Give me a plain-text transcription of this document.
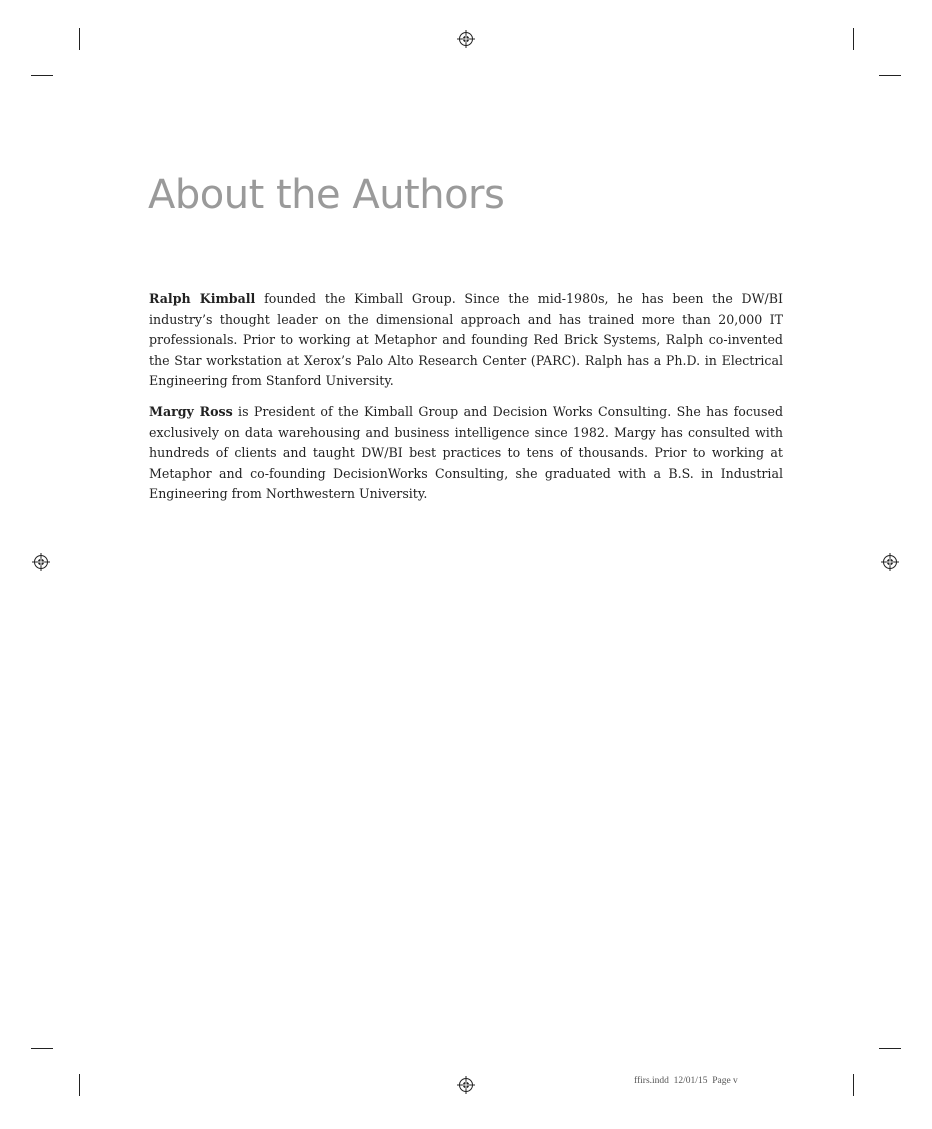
About the Authors

Ralph Kimball founded the Kimball Group. Since the mid-1980s, he has been the DW/BI industry’s thought leader on the dimensional approach and has trained more than 20,000 IT professionals. Prior to working at Metaphor and founding Red Brick Systems, Ralph co-invented the Star workstation at Xerox’s Palo Alto Research Center (PARC). Ralph has a Ph.D. in Electrical Engineering from Stanford University.

Margy Ross is President of the Kimball Group and Decision Works Consulting. She has focused exclusively on data warehousing and business intelligence since 1982. Margy has consulted with hundreds of clients and taught DW/BI best practices to tens of thousands. Prior to working at Metaphor and co-founding DecisionWorks Consulting, she graduated with a B.S. in Industrial Engineering from Northwestern University.

ffirs.indd  12/01/15  Page v
